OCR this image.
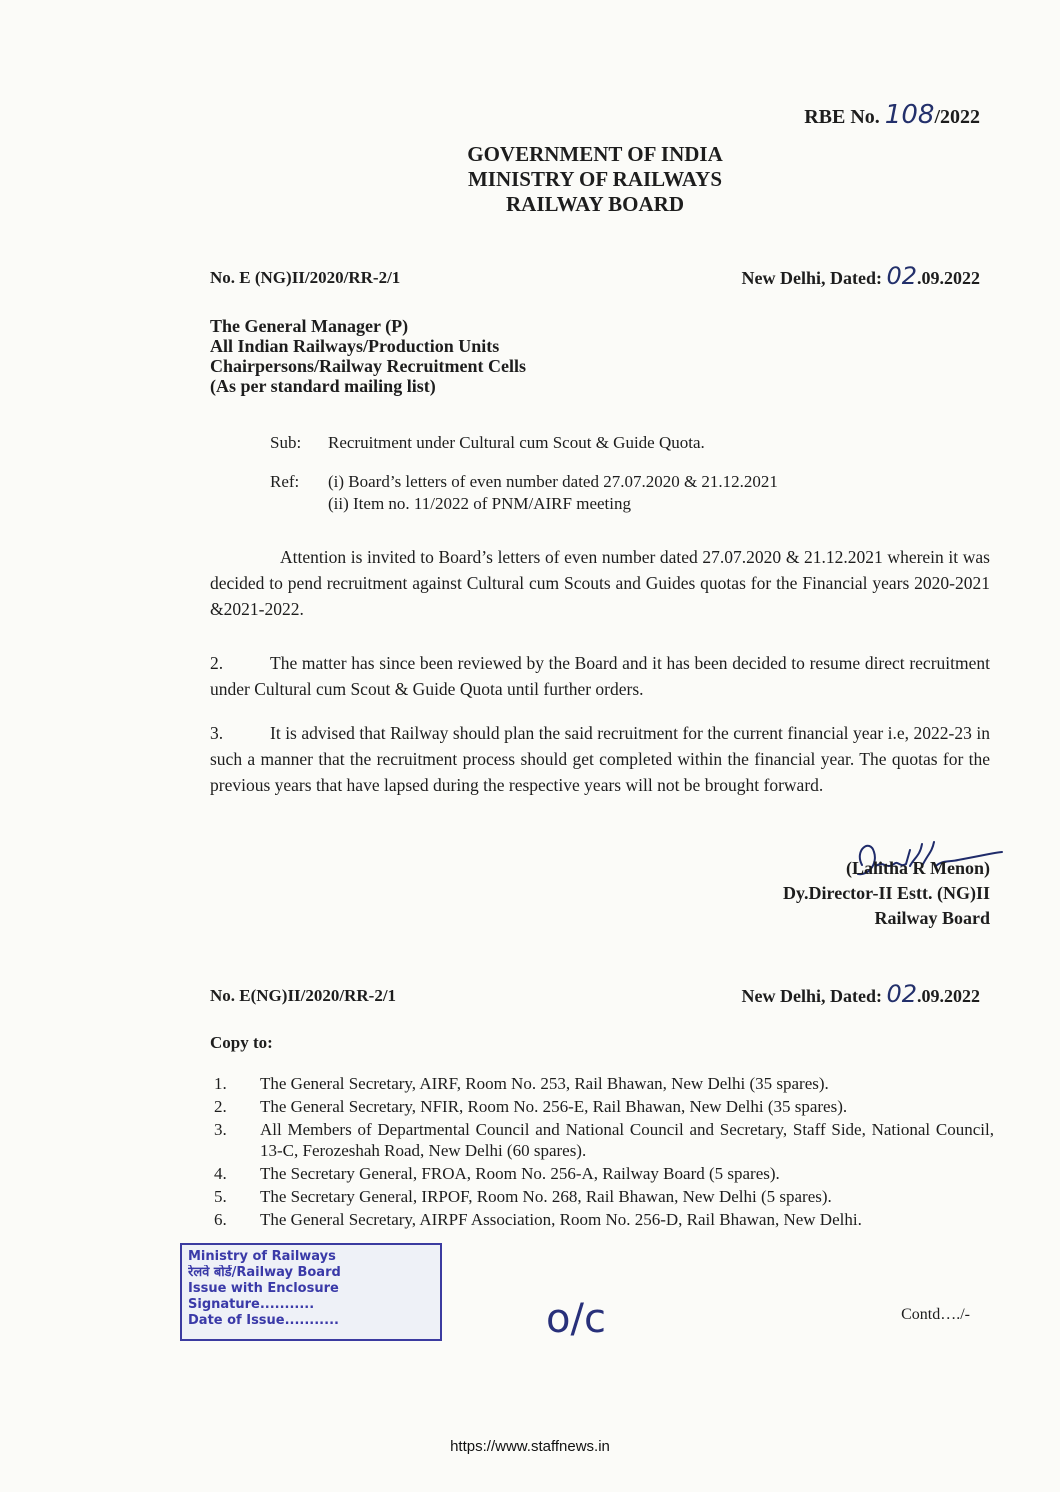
RBE No. 108/2022
GOVERNMENT OF INDIA
MINISTRY OF RAILWAYS
RAILWAY BOARD
No. E (NG)II/2020/RR-2/1	New Delhi, Dated: 02.09.2022
The General Manager (P)
All Indian Railways/Production Units
Chairpersons/Railway Recruitment Cells
(As per standard mailing list)
Sub: Recruitment under Cultural cum Scout & Guide Quota.
Ref: (i) Board’s letters of even number dated 27.07.2020 & 21.12.2021
(ii) Item no. 11/2022 of PNM/AIRF meeting
Attention is invited to Board’s letters of even number dated 27.07.2020 & 21.12.2021 wherein it was decided to pend recruitment against Cultural cum Scouts and Guides quotas for the Financial years 2020-2021 &2021-2022.
2.	The matter has since been reviewed by the Board and it has been decided to resume direct recruitment under Cultural cum Scout & Guide Quota until further orders.
3.	It is advised that Railway should plan the said recruitment for the current financial year i.e, 2022-23 in such a manner that the recruitment process should get completed within the financial year. The quotas for the previous years that have lapsed during the respective years will not be brought forward.
(Lalitha R Menon)
Dy.Director-II Estt. (NG)II
Railway Board
No. E(NG)II/2020/RR-2/1	New Delhi, Dated: 02.09.2022
Copy to:
1.	The General Secretary, AIRF, Room No. 253, Rail Bhawan, New Delhi (35 spares).
2.	The General Secretary, NFIR, Room No. 256-E, Rail Bhawan, New Delhi (35 spares).
3.	All Members of Departmental Council and National Council and Secretary, Staff Side, National Council, 13-C, Ferozeshah Road, New Delhi (60 spares).
4.	The Secretary General, FROA, Room No. 256-A, Railway Board (5 spares).
5.	The Secretary General, IRPOF, Room No. 268, Rail Bhawan, New Delhi (5 spares).
6.	The General Secretary, AIRPF Association, Room No. 256-D, Rail Bhawan, New Delhi.
Ministry of Railways
रेलवे बोर्ड/Railway Board
Issue with Enclosure
Signature...........
Date of Issue...........	o/c	Contd…./-
https://www.staffnews.in
